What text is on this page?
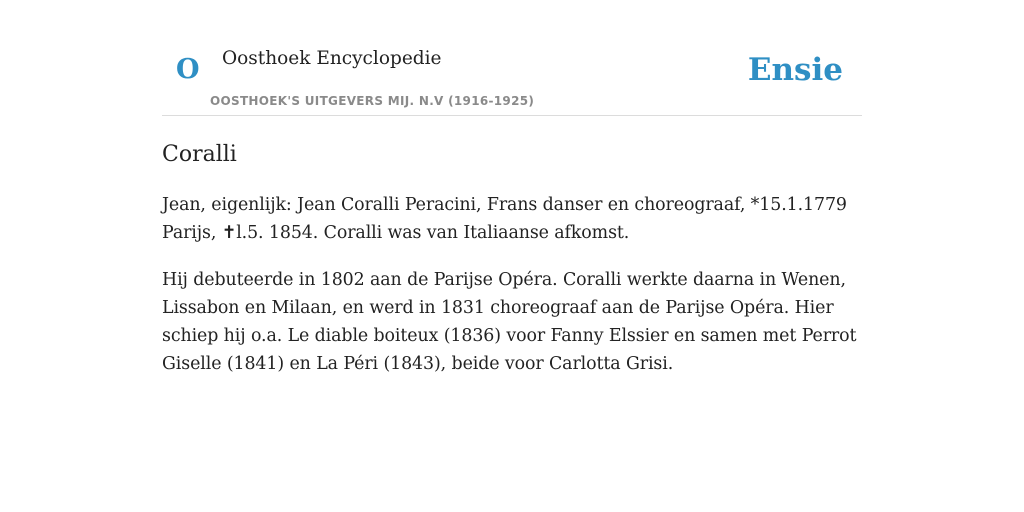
O Oosthoek Encyclopedie
OOSTHOEK'S UITGEVERS MIJ. N.V (1916-1925)
Ensie
Coralli

Jean, eigenlijk: Jean Coralli Peracini, Frans danser en choreograaf, *15.1.1779 Parijs, ✝l.5. 1854. Coralli was van Italiaanse afkomst.

Hij debuteerde in 1802 aan de Parijse Opéra. Coralli werkte daarna in Wenen, Lissabon en Milaan, en werd in 1831 choreograaf aan de Parijse Opéra. Hier schiep hij o.a. Le diable boiteux (1836) voor Fanny Elssier en samen met Perrot Giselle (1841) en La Péri (1843), beide voor Carlotta Grisi.
